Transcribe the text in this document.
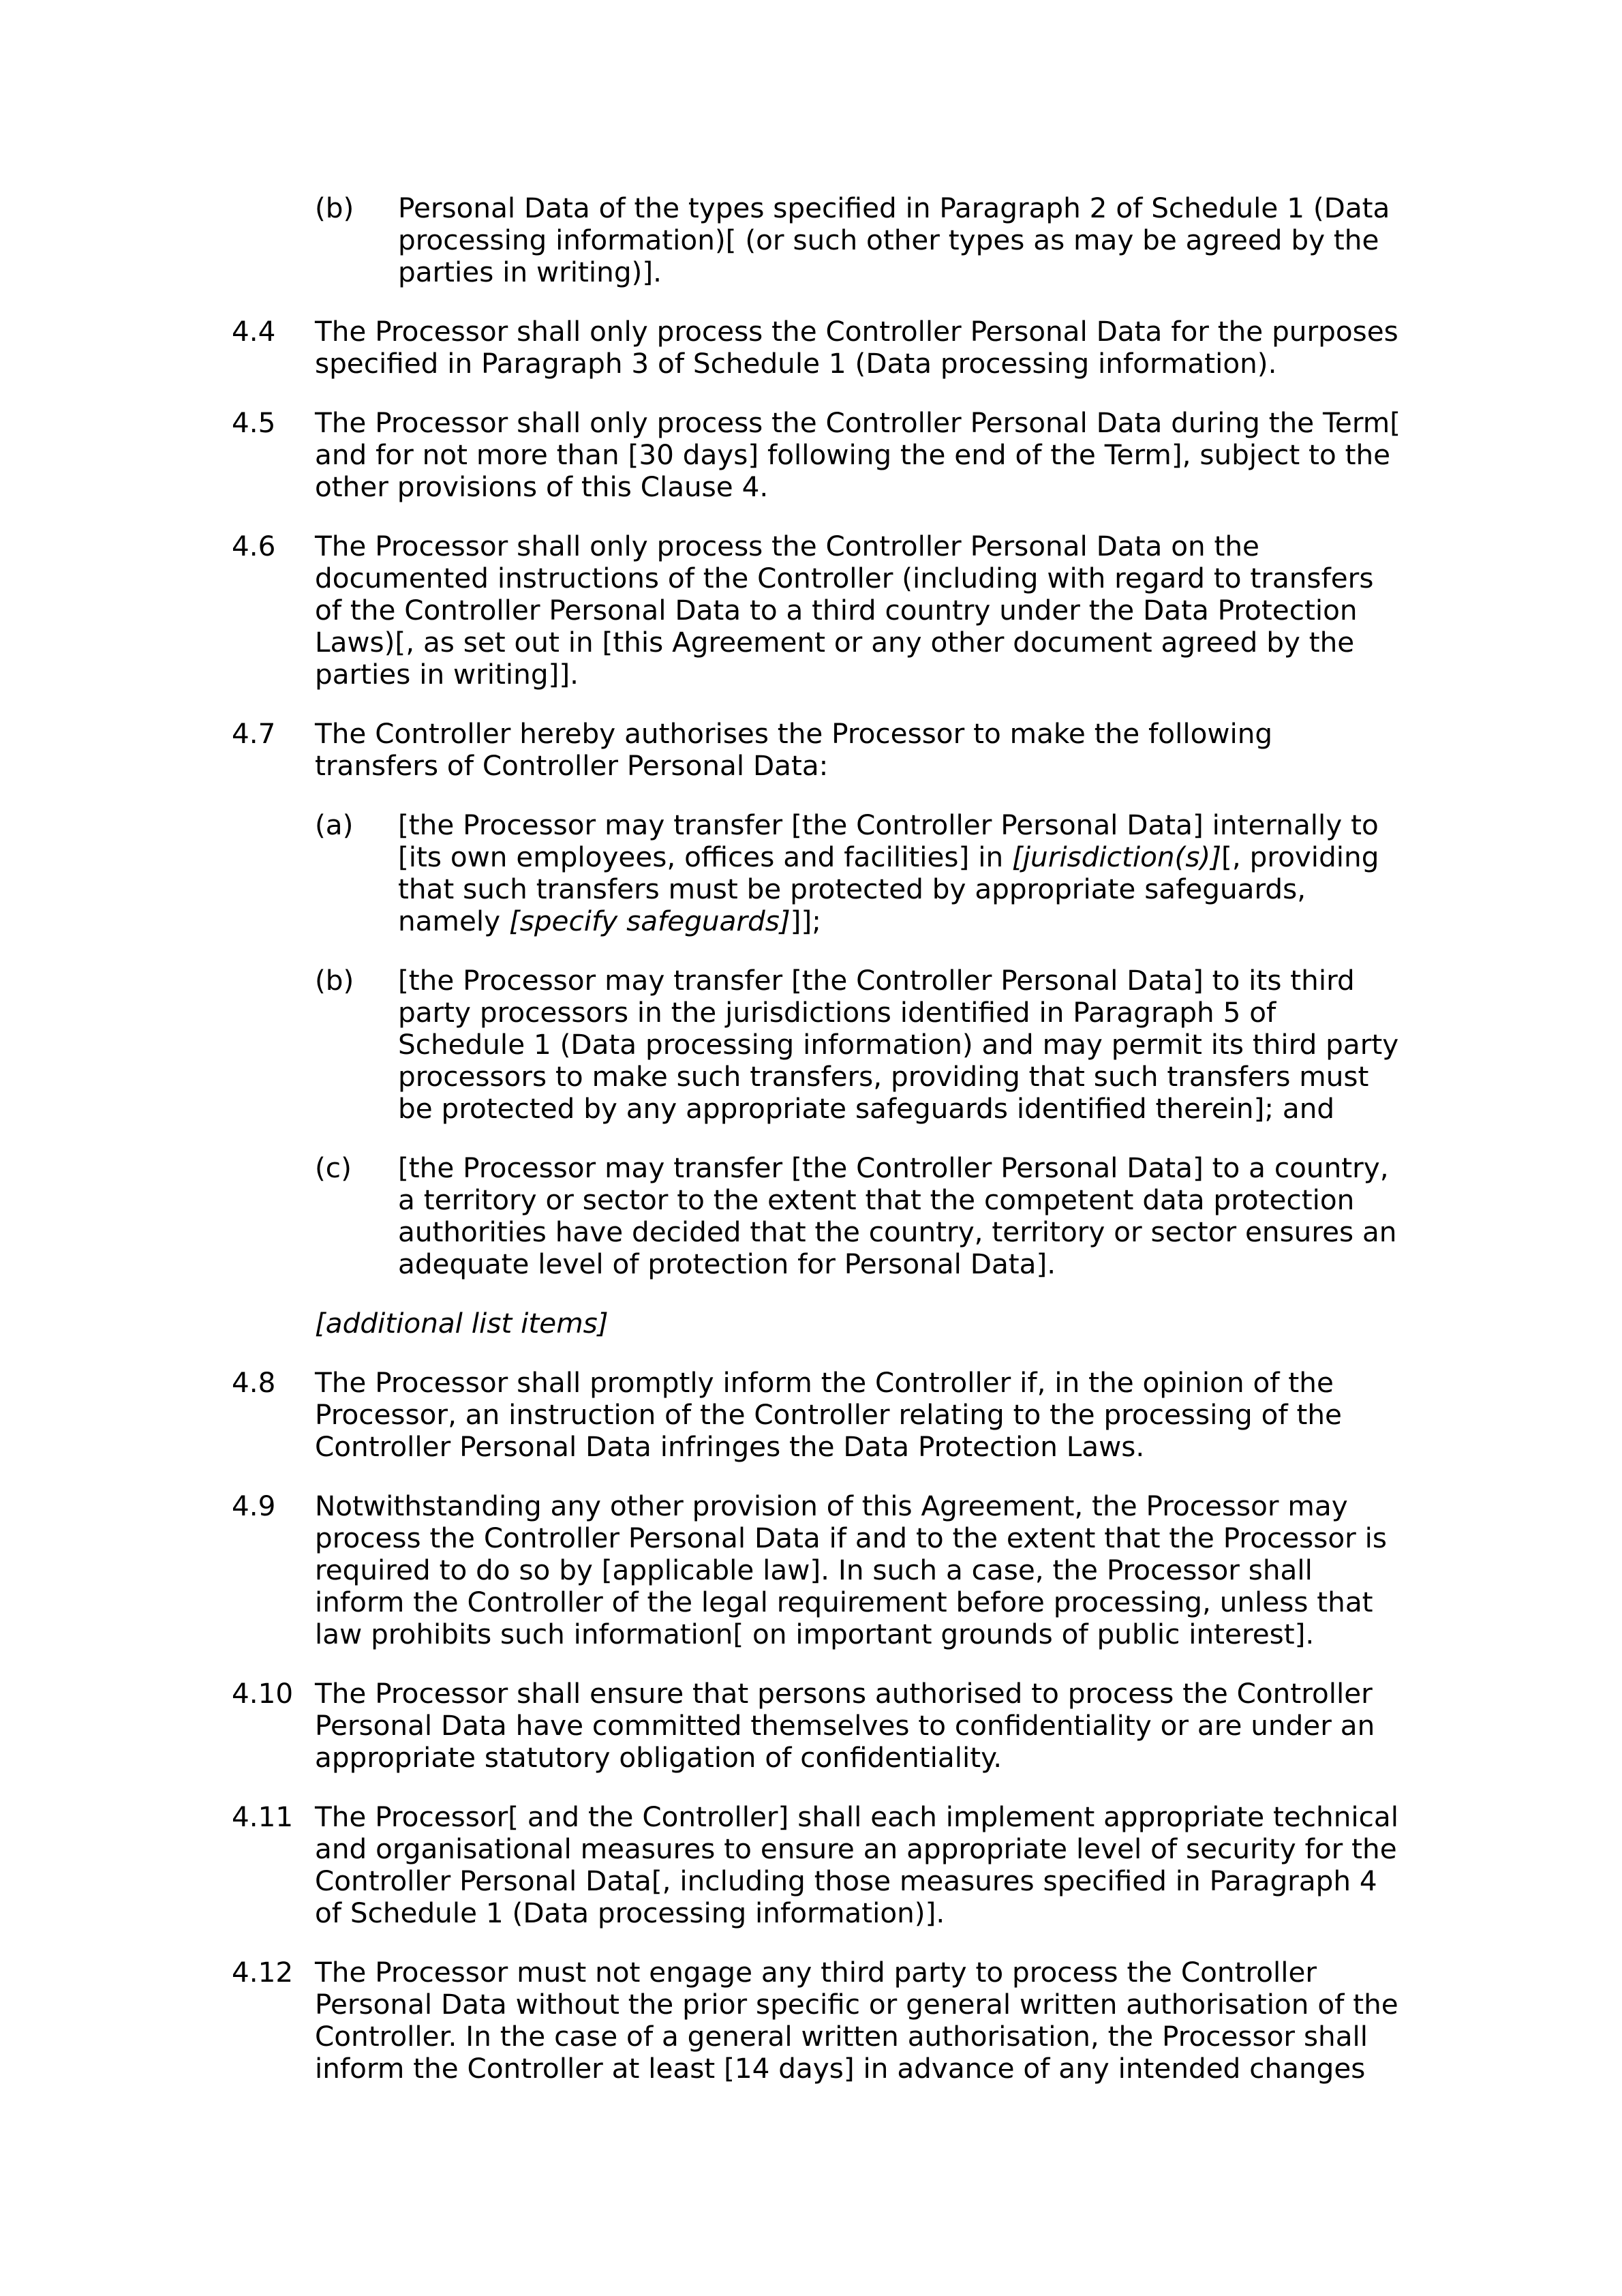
(b) Personal Data of the types specified in Paragraph 2 of Schedule 1 (Data processing information)[ (or such other types as may be agreed by the parties in writing)].
4.4 The Processor shall only process the Controller Personal Data for the purposes specified in Paragraph 3 of Schedule 1 (Data processing information).
4.5 The Processor shall only process the Controller Personal Data during the Term[ and for not more than [30 days] following the end of the Term], subject to the other provisions of this Clause 4.
4.6 The Processor shall only process the Controller Personal Data on the documented instructions of the Controller (including with regard to transfers of the Controller Personal Data to a third country under the Data Protection Laws)[, as set out in [this Agreement or any other document agreed by the parties in writing]].
4.7 The Controller hereby authorises the Processor to make the following transfers of Controller Personal Data:
(a) [the Processor may transfer [the Controller Personal Data] internally to [its own employees, offices and facilities] in [jurisdiction(s)][, providing that such transfers must be protected by appropriate safeguards, namely [specify safeguards]]];
(b) [the Processor may transfer [the Controller Personal Data] to its third party processors in the jurisdictions identified in Paragraph 5 of Schedule 1 (Data processing information) and may permit its third party processors to make such transfers, providing that such transfers must be protected by any appropriate safeguards identified therein]; and
(c) [the Processor may transfer [the Controller Personal Data] to a country, a territory or sector to the extent that the competent data protection authorities have decided that the country, territory or sector ensures an adequate level of protection for Personal Data].
[additional list items]
4.8 The Processor shall promptly inform the Controller if, in the opinion of the Processor, an instruction of the Controller relating to the processing of the Controller Personal Data infringes the Data Protection Laws.
4.9 Notwithstanding any other provision of this Agreement, the Processor may process the Controller Personal Data if and to the extent that the Processor is required to do so by [applicable law]. In such a case, the Processor shall inform the Controller of the legal requirement before processing, unless that law prohibits such information[ on important grounds of public interest].
4.10 The Processor shall ensure that persons authorised to process the Controller Personal Data have committed themselves to confidentiality or are under an appropriate statutory obligation of confidentiality.
4.11 The Processor[ and the Controller] shall each implement appropriate technical and organisational measures to ensure an appropriate level of security for the Controller Personal Data[, including those measures specified in Paragraph 4 of Schedule 1 (Data processing information)].
4.12 The Processor must not engage any third party to process the Controller Personal Data without the prior specific or general written authorisation of the Controller. In the case of a general written authorisation, the Processor shall inform the Controller at least [14 days] in advance of any intended changes
